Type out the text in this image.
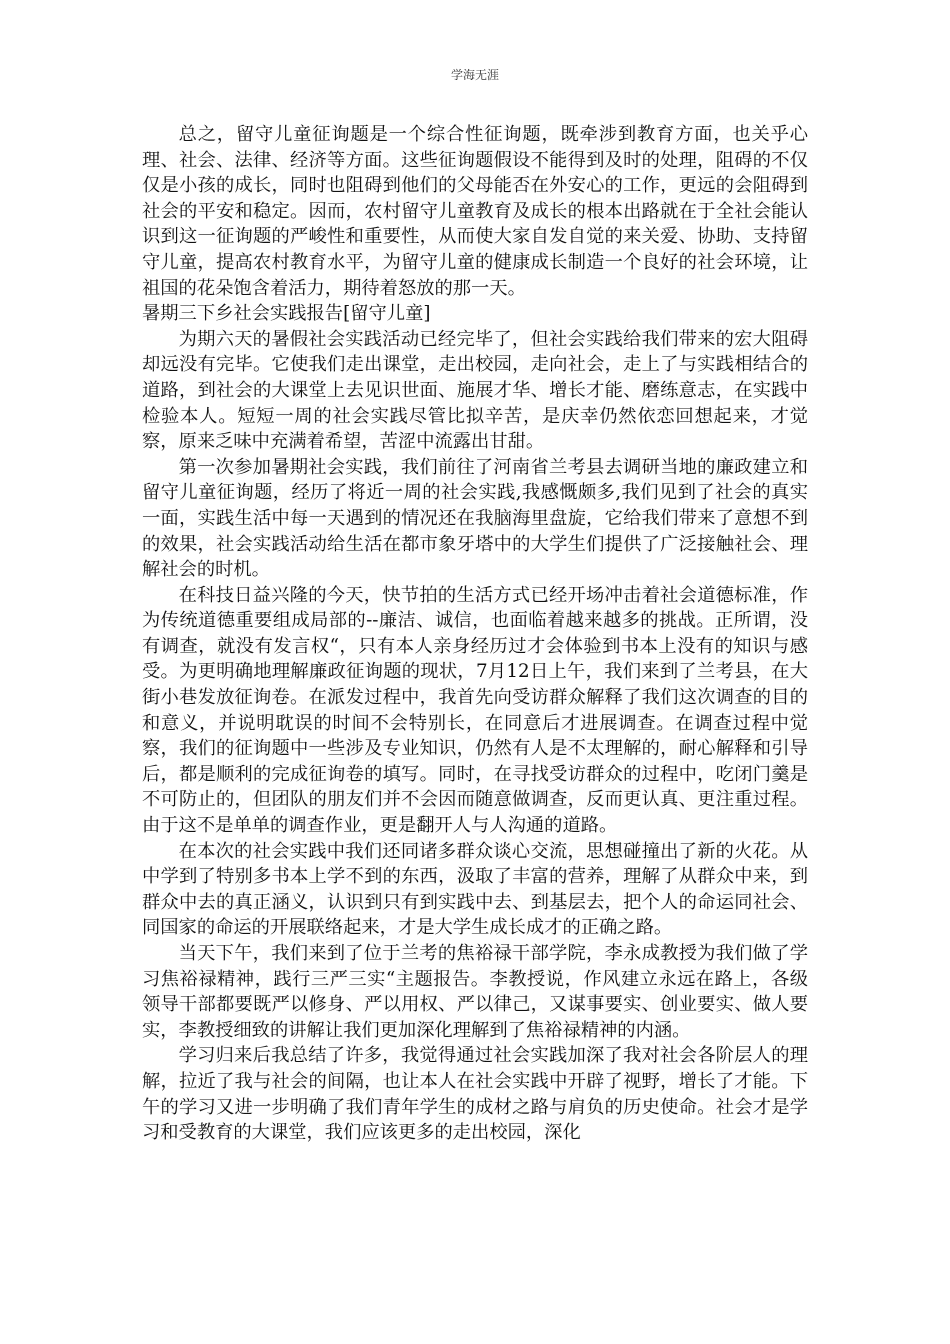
学海无涯

总之，留守儿童征询题是一个综合性征询题，既牵涉到教育方面，也关乎心理、社会、法律、经济等方面。这些征询题假设不能得到及时的处理，阻碍的不仅仅是小孩的成长，同时也阻碍到他们的父母能否在外安心的工作，更远的会阻碍到社会的平安和稳定。因而，农村留守儿童教育及成长的根本出路就在于全社会能认识到这一征询题的严峻性和重要性，从而使大家自发自觉的来关爱、协助、支持留守儿童，提高农村教育水平，为留守儿童的健康成长制造一个良好的社会环境，让祖国的花朵饱含着活力，期待着怒放的那一天。

暑期三下乡社会实践报告[留守儿童]

为期六天的暑假社会实践活动已经完毕了，但社会实践给我们带来的宏大阻碍却远没有完毕。它使我们走出课堂，走出校园，走向社会，走上了与实践相结合的道路，到社会的大课堂上去见识世面、施展才华、增长才能、磨练意志，在实践中检验本人。短短一周的社会实践尽管比拟辛苦，是庆幸仍然依恋回想起来，才觉察，原来乏味中充满着希望，苦涩中流露出甘甜。

第一次参加暑期社会实践，我们前往了河南省兰考县去调研当地的廉政建立和留守儿童征询题，经历了将近一周的社会实践,我感慨颇多,我们见到了社会的真实一面，实践生活中每一天遇到的情况还在我脑海里盘旋，它给我们带来了意想不到的效果，社会实践活动给生活在都市象牙塔中的大学生们提供了广泛接触社会、理解社会的时机。

在科技日益兴隆的今天，快节拍的生活方式已经开场冲击着社会道德标准，作为传统道德重要组成局部的--廉洁、诚信，也面临着越来越多的挑战。正所谓，没有调查，就没有发言权“，只有本人亲身经历过才会体验到书本上没有的知识与感受。为更明确地理解廉政征询题的现状，7月12日上午，我们来到了兰考县，在大街小巷发放征询卷。在派发过程中，我首先向受访群众解释了我们这次调查的目的和意义，并说明耽误的时间不会特别长，在同意后才进展调查。在调查过程中觉察，我们的征询题中一些涉及专业知识，仍然有人是不太理解的，耐心解释和引导后，都是顺利的完成征询卷的填写。同时，在寻找受访群众的过程中，吃闭门羹是不可防止的，但团队的朋友们并不会因而随意做调查，反而更认真、更注重过程。由于这不是单单的调查作业，更是翻开人与人沟通的道路。

在本次的社会实践中我们还同诸多群众谈心交流，思想碰撞出了新的火花。从中学到了特别多书本上学不到的东西，汲取了丰富的营养，理解了从群众中来，到群众中去的真正涵义，认识到只有到实践中去、到基层去，把个人的命运同社会、同国家的命运的开展联络起来，才是大学生成长成才的正确之路。

当天下午，我们来到了位于兰考的焦裕禄干部学院，李永成教授为我们做了学习焦裕禄精神，践行三严三实“主题报告。李教授说，作风建立永远在路上，各级领导干部都要既严以修身、严以用权、严以律己，又谋事要实、创业要实、做人要实，李教授细致的讲解让我们更加深化理解到了焦裕禄精神的内涵。

学习归来后我总结了许多，我觉得通过社会实践加深了我对社会各阶层人的理解，拉近了我与社会的间隔，也让本人在社会实践中开辟了视野，增长了才能。下午的学习又进一步明确了我们青年学生的成材之路与肩负的历史使命。社会才是学习和受教育的大课堂，我们应该更多的走出校园，深化
